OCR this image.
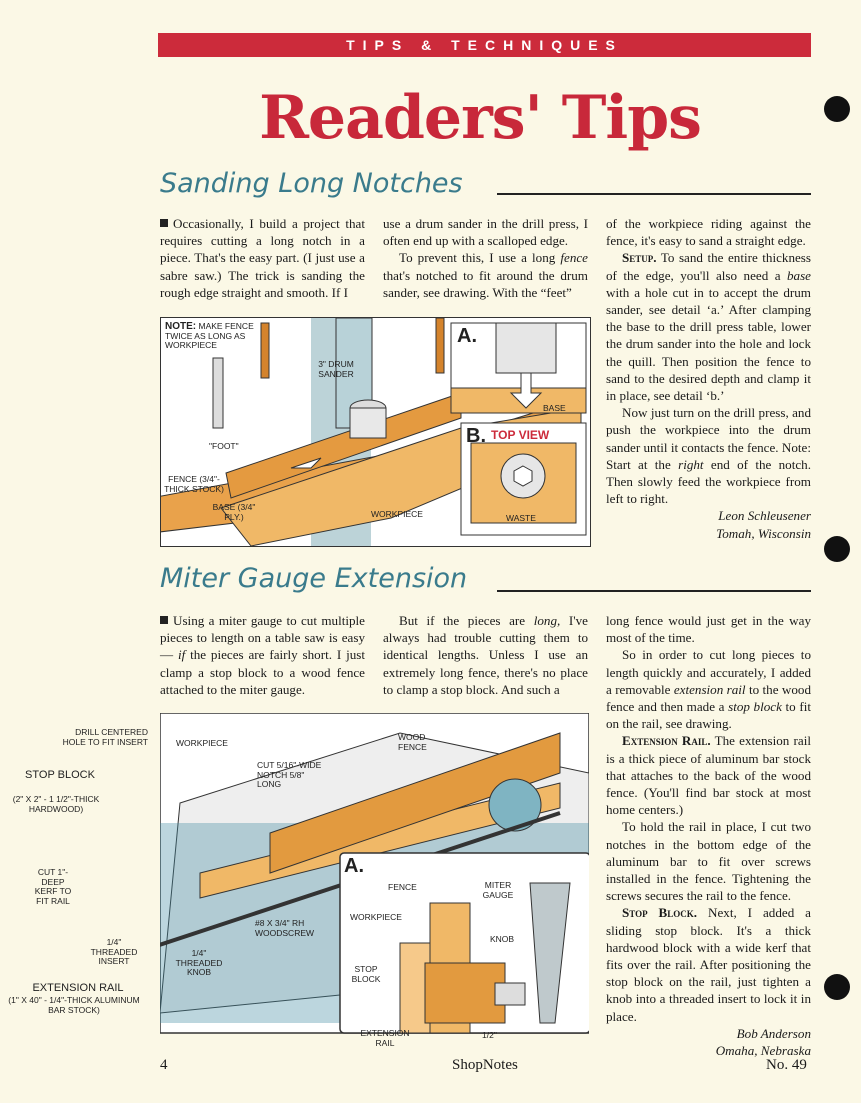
TIPS & TECHNIQUES
Readers' Tips
Sanding Long Notches

Occasionally, I build a project that requires cutting a long notch in a piece. That's the easy part. (I just use a sabre saw.) The trick is sanding the rough edge straight and smooth. If I

use a drum sander in the drill press, I often end up with a scalloped edge.

To prevent this, I use a long fence that's notched to fit around the drum sander, see drawing. With the “feet”

of the workpiece riding against the fence, it's easy to sand a straight edge.

Setup. To sand the entire thickness of the edge, you'll also need a base with a hole cut in to accept the drum sander, see detail ‘a.’ After clamping the base to the drill press table, lower the drum sander into the hole and lock the quill. Then position the fence to sand to the desired depth and clamp it in place, see detail ‘b.’

Now just turn on the drill press, and push the workpiece into the drum sander until it contacts the fence. Note: Start at the right end of the notch. Then slowly feed the workpiece from left to right.

Leon Schleusener

Tomah, Wisconsin

NOTE: MAKE FENCE TWICE AS LONG AS WORKPIECE
3" DRUM SANDER
"FOOT"
FENCE (3/4"-THICK STOCK)
BASE (3/4" PLY.)	WORKPIECE
A.
BASE
B. TOP VIEW
WASTE
Miter Gauge Extension

Using a miter gauge to cut multiple pieces to length on a table saw is easy — if the pieces are fairly short. I just clamp a stop block to a wood fence attached to the miter gauge.

But if the pieces are long, I've always had trouble cutting them to identical lengths. Unless I use an extremely long fence, there's no place to clamp a stop block. And such a

long fence would just get in the way most of the time.

So in order to cut long pieces to length quickly and accurately, I added a removable extension rail to the wood fence and then made a stop block to fit on the rail, see drawing.

Extension Rail. The extension rail is a thick piece of aluminum bar stock that attaches to the back of the wood fence. (You'll find bar stock at most home centers.)

To hold the rail in place, I cut two notches in the bottom edge of the aluminum bar to fit over screws installed in the fence. Tightening the screws secures the rail to the fence.

Stop Block. Next, I added a sliding stop block. It's a thick hardwood block with a wide kerf that fits over the rail. After positioning the stop block on the rail, just tighten a knob into a threaded insert to lock it in place.

Bob Anderson

Omaha, Nebraska

WORKPIECE
CUT 5/16"-WIDE NOTCH 5/8" LONG
WOOD FENCE
1/4" THREADED KNOB
#8 X 3/4" RH WOODSCREW
A.
FENCE	MITER GAUGE
WORKPIECE
KNOB
STOP BLOCK
EXTENSION RAIL
1/2"
DRILL CENTERED HOLE TO FIT INSERT
STOP BLOCK
(2" X 2" - 1 1/2"-THICK HARDWOOD)
CUT 1"-DEEP KERF TO FIT RAIL
1/4" THREADED INSERT
EXTENSION RAIL
(1" X 40" - 1/4"-THICK ALUMINUM BAR STOCK)
4	ShopNotes	No. 49
